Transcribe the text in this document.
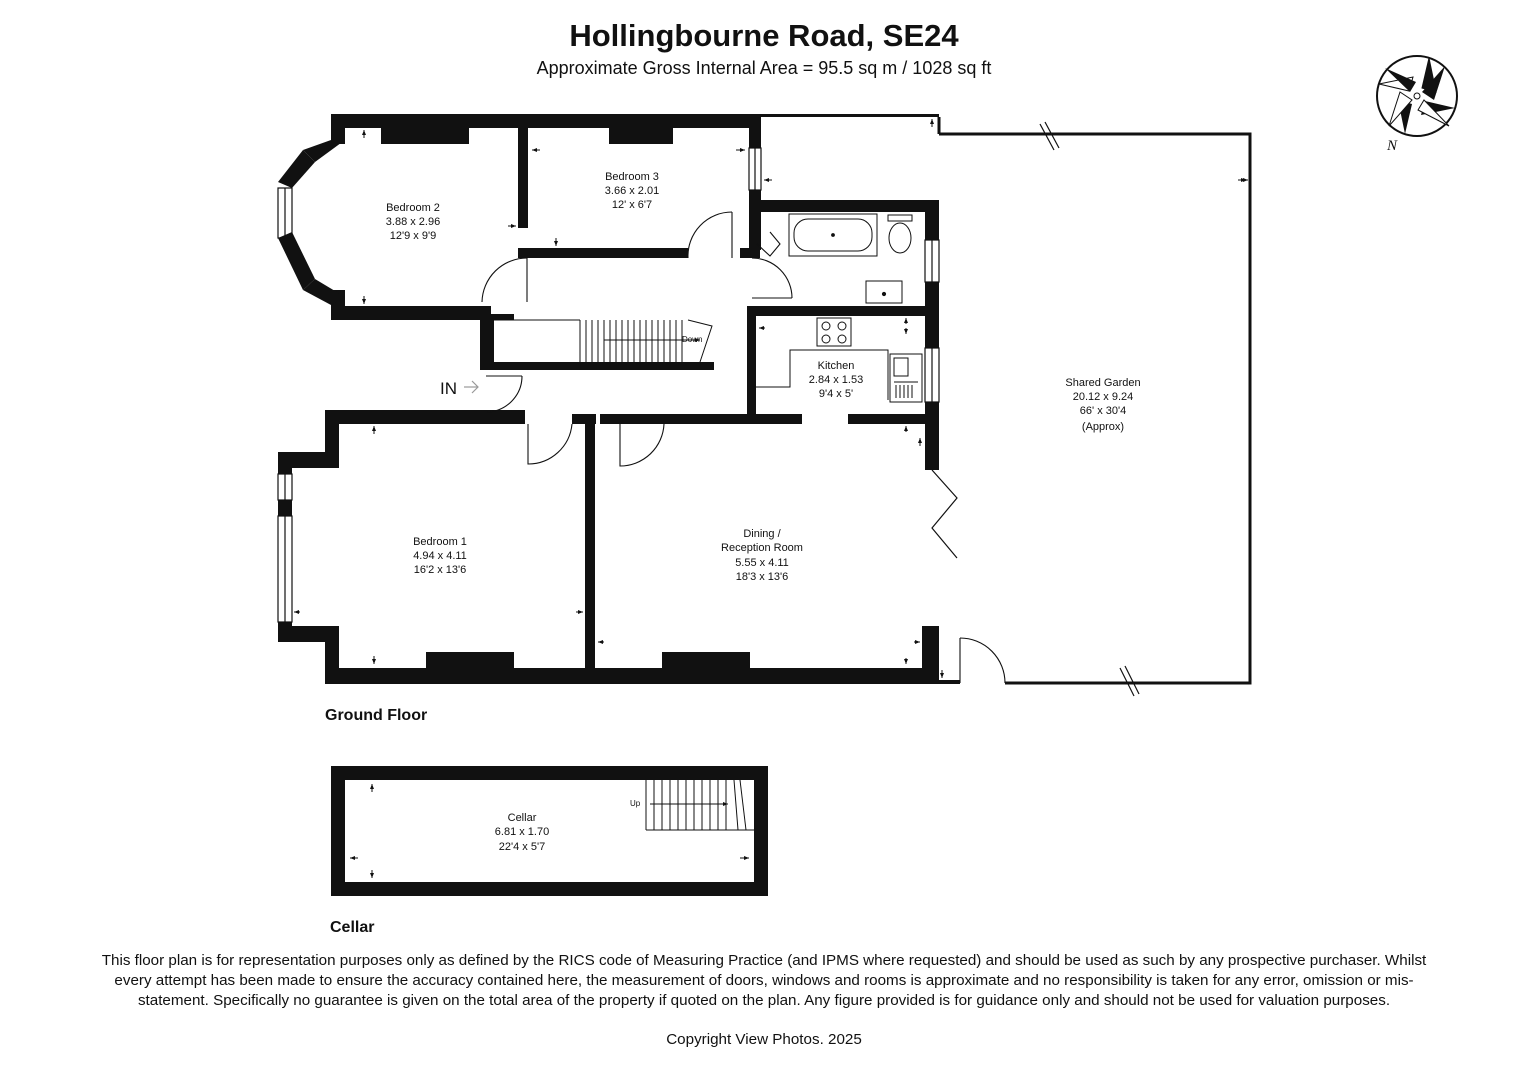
Hollingbourne Road, SE24
Approximate Gross Internal Area = 95.5 sq m / 1028 sq ft
Down
IN
Bedroom 2
3.88 x 2.96
12'9 x 9'9
Bedroom 3
3.66 x 2.01
12' x 6'7
Kitchen
2.84 x 1.53
9'4 x 5'
Bedroom 1
4.94 x 4.11
16'2 x 13'6
Dining /
Reception Room
5.55 x 4.11
18'3 x 13'6
Shared Garden
20.12 x 9.24
66' x 30'4
(Approx)
Ground Floor
Up
Cellar
6.81 x 1.70
22'4 x 5'7
Cellar
N
This floor plan is for representation purposes only as defined by the RICS code of Measuring Practice (and IPMS where requested) and should be used as such by any prospective purchaser. Whilst every attempt has been made to ensure the accuracy contained here, the measurement of doors, windows and rooms is approximate and no responsibility is taken for any error, omission or mis-statement. Specifically no guarantee is given on the total area of the property if quoted on the plan. Any figure provided is for guidance only and should not be used for valuation purposes.
Copyright View Photos. 2025
